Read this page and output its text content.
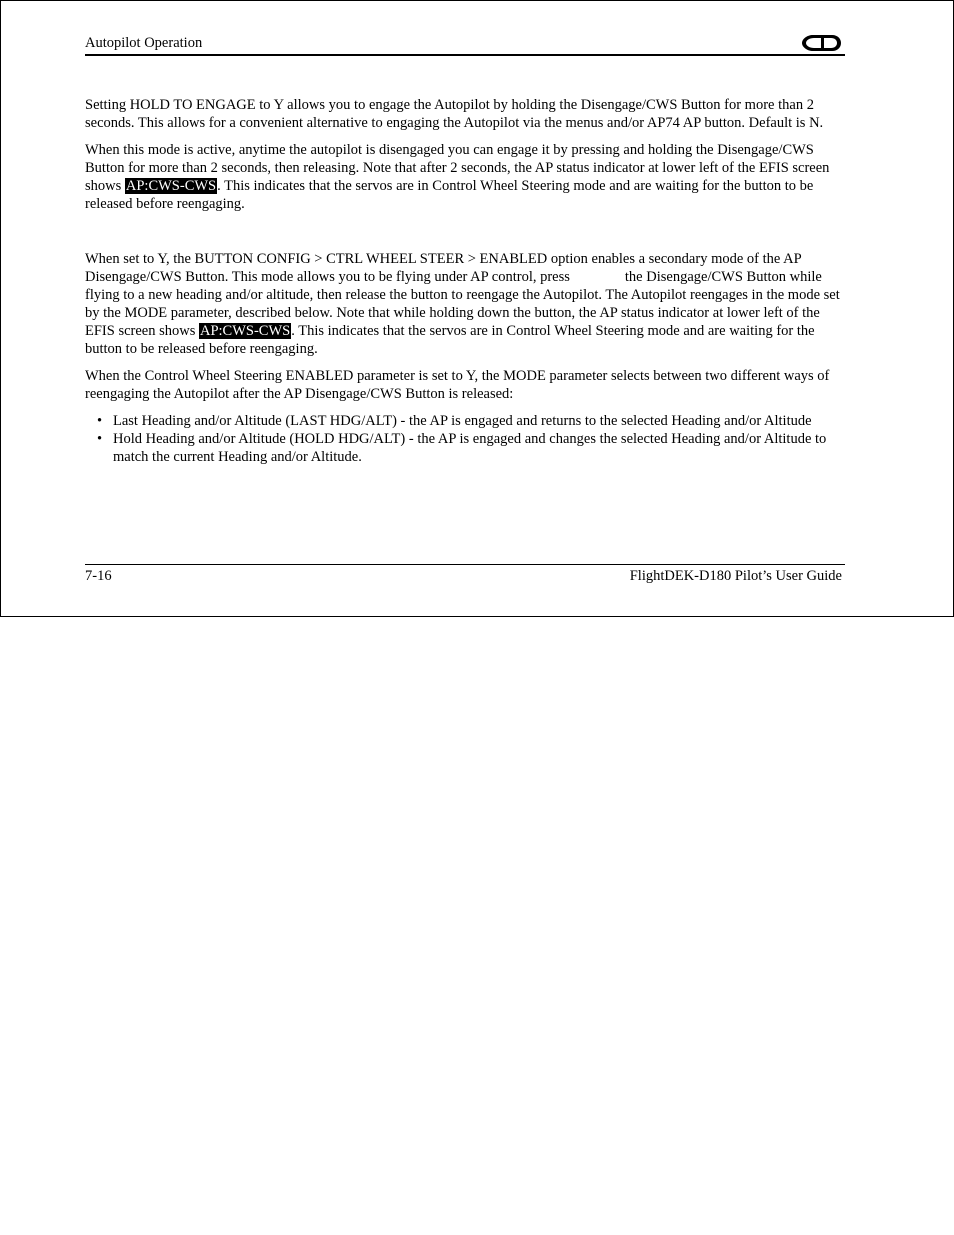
Autopilot Operation

Setting HOLD TO ENGAGE to Y allows you to engage the Autopilot by holding the Disengage/CWS Button for more than 2 seconds. This allows for a convenient alternative to engaging the Autopilot via the menus and/or AP74 AP button. Default is N.

When this mode is active, anytime the autopilot is disengaged you can engage it by pressing and holding the Disengage/CWS Button for more than 2 seconds, then releasing. Note that after 2 seconds, the AP status indicator at lower left of the EFIS screen shows AP:CWS-CWS. This indicates that the servos are in Control Wheel Steering mode and are waiting for the button to be released before reengaging.

When set to Y, the BUTTON CONFIG > CTRL WHEEL STEER > ENABLED option enables a secondary mode of the AP Disengage/CWS Button. This mode allows you to be flying under AP control, press	the Disengage/CWS Button while flying to a new heading and/or altitude, then release the button to reengage the Autopilot. The Autopilot reengages in the mode set by the MODE parameter, described below. Note that while holding down the button, the AP status indicator at lower left of the EFIS screen shows AP:CWS-CWS. This indicates that the servos are in Control Wheel Steering mode and are waiting for the button to be released before reengaging.

When the Control Wheel Steering ENABLED parameter is set to Y, the MODE parameter selects between two different ways of reengaging the Autopilot after the AP Disengage/CWS Button is released:

• Last Heading and/or Altitude (LAST HDG/ALT) - the AP is engaged and returns to the selected Heading and/or Altitude
• Hold Heading and/or Altitude (HOLD HDG/ALT) - the AP is engaged and changes the selected Heading and/or Altitude to match the current Heading and/or Altitude.
7-16	FlightDEK-D180 Pilot’s User Guide
